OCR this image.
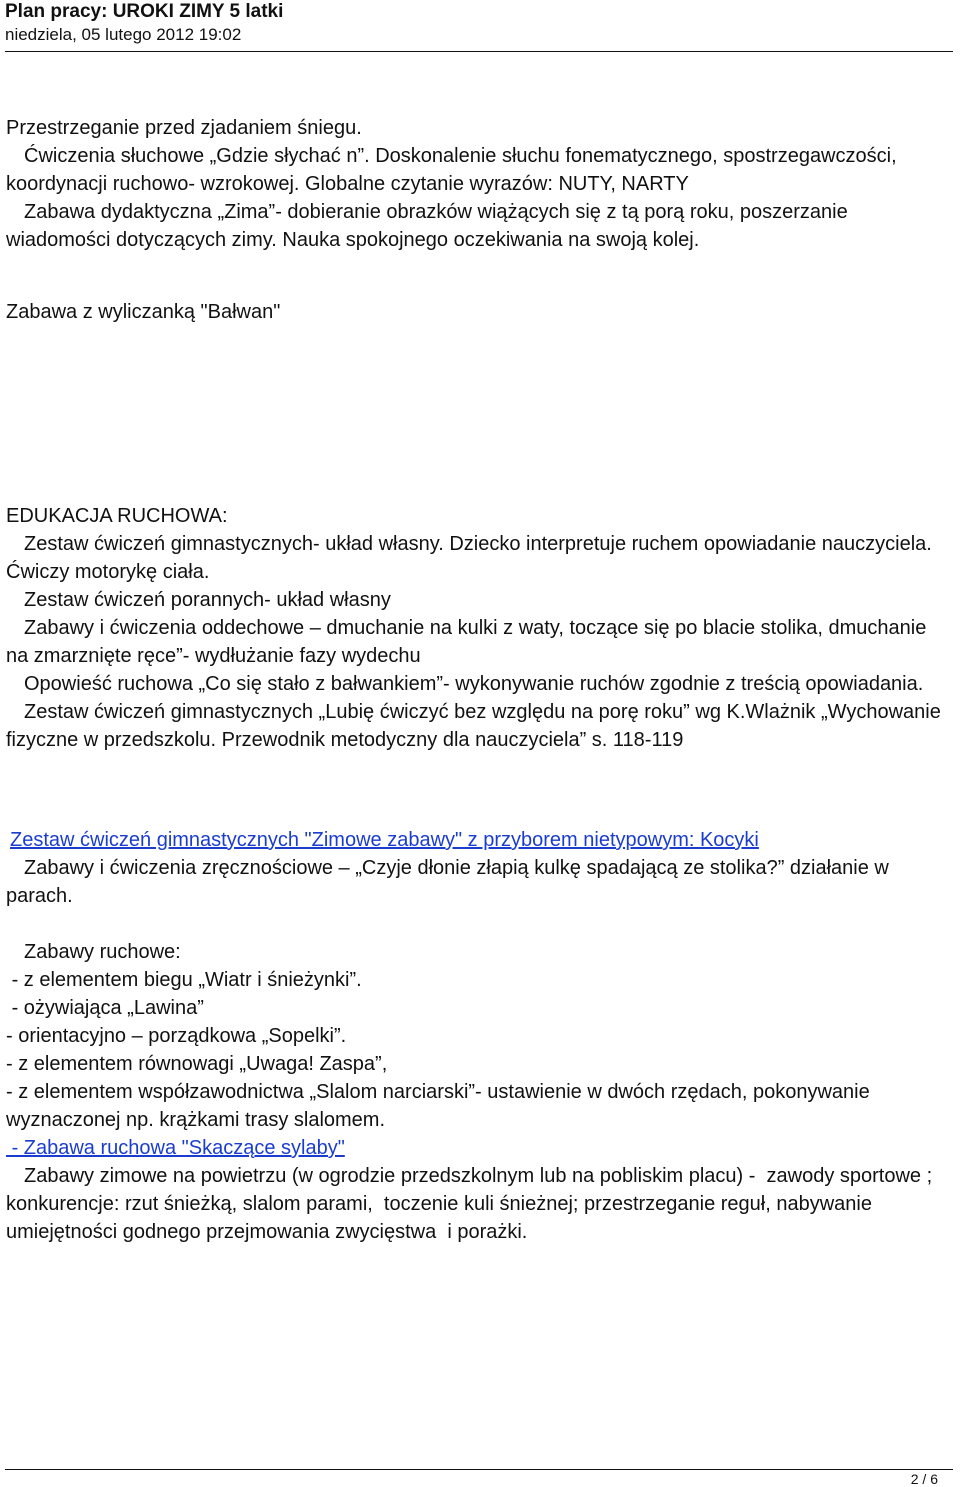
Plan pracy: UROKI ZIMY 5 latki
niedziela, 05 lutego 2012 19:02

Przestrzeganie przed zjadaniem śniegu.

Ćwiczenia słuchowe „Gdzie słychać n”. Doskonalenie słuchu fonematycznego, spostrzegawczości, koordynacji ruchowo- wzrokowej. Globalne czytanie wyrazów: NUTY, NARTY

Zabawa dydaktyczna „Zima”- dobieranie obrazków wiążących się z tą porą roku, poszerzanie wiadomości dotyczących zimy. Nauka spokojnego oczekiwania na swoją kolej.

Zabawa z wyliczanką "Bałwan"

EDUKACJA RUCHOWA:

Zestaw ćwiczeń gimnastycznych- układ własny. Dziecko interpretuje ruchem opowiadanie nauczyciela. Ćwiczy motorykę ciała.

Zestaw ćwiczeń porannych- układ własny

Zabawy i ćwiczenia oddechowe – dmuchanie na kulki z waty, toczące się po blacie stolika, dmuchanie na zmarznięte ręce”- wydłużanie fazy wydechu

Opowieść ruchowa „Co się stało z bałwankiem”- wykonywanie ruchów zgodnie z treścią opowiadania.

Zestaw ćwiczeń gimnastycznych „Lubię ćwiczyć bez względu na porę roku” wg K.Wlażnik „Wychowanie fizyczne w przedszkolu. Przewodnik metodyczny dla nauczyciela” s. 118-119

Zestaw ćwiczeń gimnastycznych "Zimowe zabawy" z przyborem nietypowym: Kocyki

Zabawy i ćwiczenia zręcznościowe – „Czyje dłonie złapią kulkę spadającą ze stolika?” działanie w parach.

Zabawy ruchowe:

- z elementem biegu „Wiatr i śnieżynki”.

- ożywiająca „Lawina”

- orientacyjno – porządkowa „Sopelki”.

- z elementem równowagi „Uwaga! Zaspa”,

- z elementem współzawodnictwa „Slalom narciarski”- ustawienie w dwóch rzędach, pokonywanie wyznaczonej np. krążkami trasy slalomem.

- Zabawa ruchowa "Skaczące sylaby"

Zabawy zimowe na powietrzu (w ogrodzie przedszkolnym lub na pobliskim placu) -  zawody sportowe ; konkurencje: rzut śnieżką, slalom parami,  toczenie kuli śnieżnej; przestrzeganie reguł, nabywanie umiejętności godnego przejmowania zwycięstwa  i porażki.

2 / 6
